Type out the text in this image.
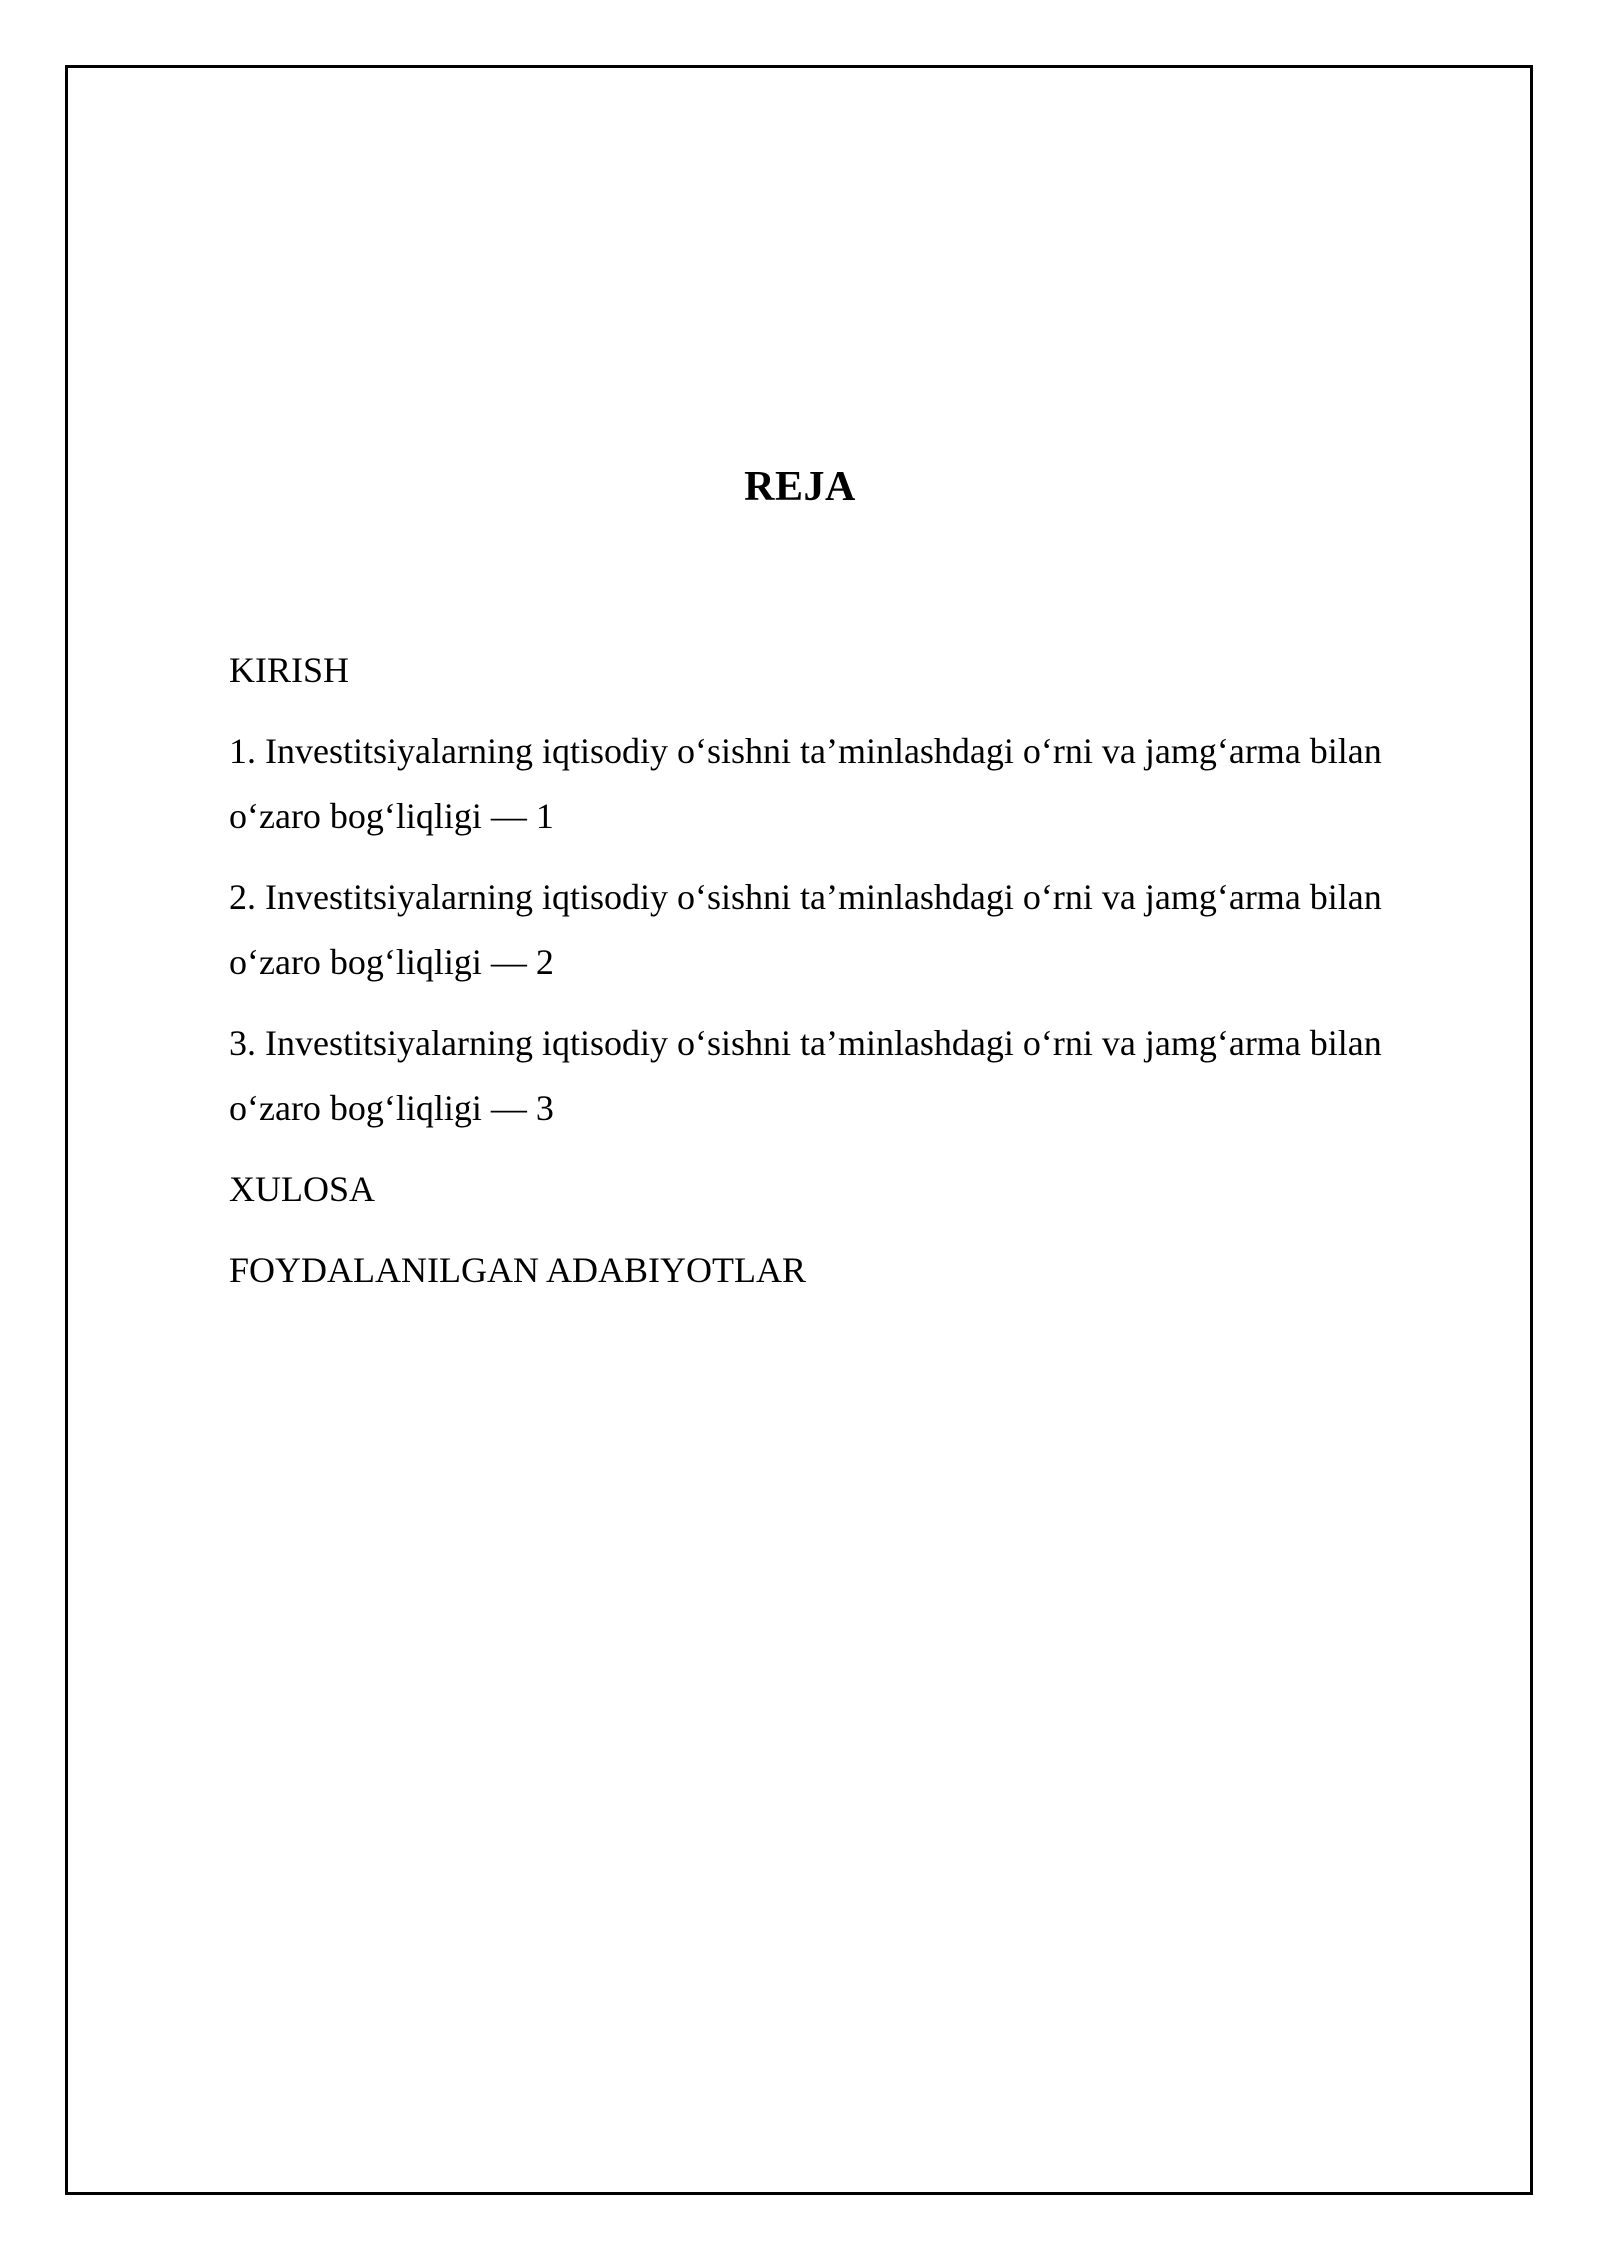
REJA
KIRISH
1. Investitsiyalarning iqtisodiy o‘sishni ta’minlashdagi o‘rni va jamg‘arma bilan o‘zaro bog‘liqligi — 1
2. Investitsiyalarning iqtisodiy o‘sishni ta’minlashdagi o‘rni va jamg‘arma bilan o‘zaro bog‘liqligi — 2
3. Investitsiyalarning iqtisodiy o‘sishni ta’minlashdagi o‘rni va jamg‘arma bilan o‘zaro bog‘liqligi — 3
XULOSA
FOYDALANILGAN ADABIYOTLAR
